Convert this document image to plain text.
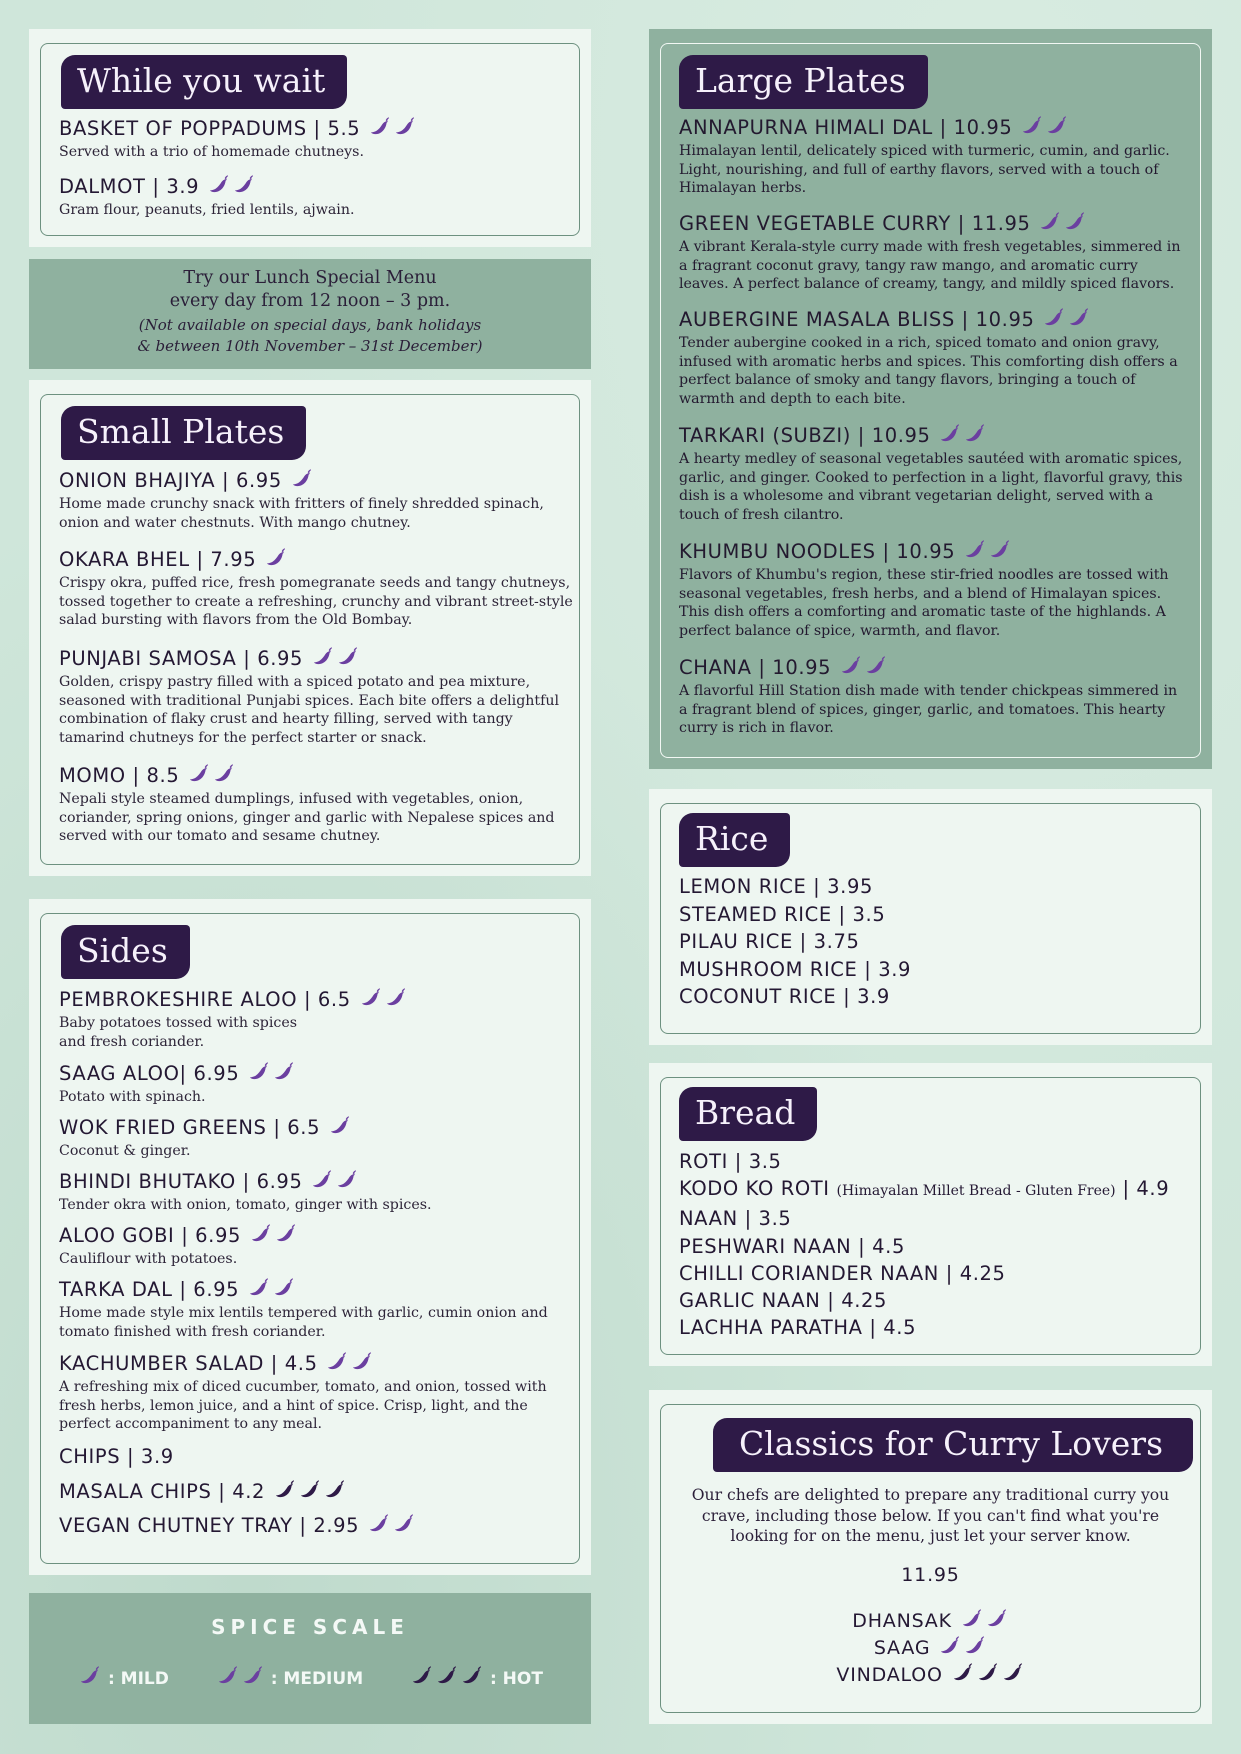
While you wait
BASKET OF POPPADUMS | 5.5
Served with a trio of homemade chutneys.
DALMOT | 3.9
Gram flour, peanuts, fried lentils, ajwain.
Try our Lunch Special Menu
every day from 12 noon – 3 pm.
(Not available on special days, bank holidays
& between 10th November – 31st December)
Small Plates
ONION BHAJIYA | 6.95
Home made crunchy snack with fritters of finely shredded spinach, onion and water chestnuts. With mango chutney.
OKARA BHEL | 7.95
Crispy okra, puffed rice, fresh pomegranate seeds and tangy chutneys, tossed together to create a refreshing, crunchy and vibrant street-style salad bursting with flavors from the Old Bombay.
PUNJABI SAMOSA | 6.95
Golden, crispy pastry filled with a spiced potato and pea mixture, seasoned with traditional Punjabi spices. Each bite offers a delightful combination of flaky crust and hearty filling, served with tangy tamarind chutneys for the perfect starter or snack.
MOMO | 8.5
Nepali style steamed dumplings, infused with vegetables, onion, coriander, spring onions, ginger and garlic with Nepalese spices and served with our tomato and sesame chutney.
Sides
PEMBROKESHIRE ALOO | 6.5
Baby potatoes tossed with spices
and fresh coriander.
SAAG ALOO| 6.95
Potato with spinach.
WOK FRIED GREENS | 6.5
Coconut & ginger.
BHINDI BHUTAKO | 6.95
Tender okra with onion, tomato, ginger with spices.
ALOO GOBI | 6.95
Cauliflour with potatoes.
TARKA DAL | 6.95
Home made style mix lentils tempered with garlic, cumin onion and tomato finished with fresh coriander.
KACHUMBER SALAD | 4.5
A refreshing mix of diced cucumber, tomato, and onion, tossed with fresh herbs, lemon juice, and a hint of spice. Crisp, light, and the perfect accompaniment to any meal.
CHIPS | 3.9
MASALA CHIPS | 4.2
VEGAN CHUTNEY TRAY | 2.95
SPICE SCALE
: MILD	: MEDIUM	: HOT
Large Plates
ANNAPURNA HIMALI DAL | 10.95
Himalayan lentil, delicately spiced with turmeric, cumin, and garlic. Light, nourishing, and full of earthy flavors, served with a touch of Himalayan herbs.
GREEN VEGETABLE CURRY | 11.95
A vibrant Kerala-style curry made with fresh vegetables, simmered in a fragrant coconut gravy, tangy raw mango, and aromatic curry leaves. A perfect balance of creamy, tangy, and mildly spiced flavors.
AUBERGINE MASALA BLISS | 10.95
Tender aubergine cooked in a rich, spiced tomato and onion gravy, infused with aromatic herbs and spices. This comforting dish offers a perfect balance of smoky and tangy flavors, bringing a touch of warmth and depth to each bite.
TARKARI (SUBZI) | 10.95
A hearty medley of seasonal vegetables sautéed with aromatic spices, garlic, and ginger. Cooked to perfection in a light, flavorful gravy, this dish is a wholesome and vibrant vegetarian delight, served with a touch of fresh cilantro.
KHUMBU NOODLES | 10.95
Flavors of Khumbu's region, these stir-fried noodles are tossed with seasonal vegetables, fresh herbs, and a blend of Himalayan spices. This dish offers a comforting and aromatic taste of the highlands. A perfect balance of spice, warmth, and flavor.
CHANA | 10.95
A flavorful Hill Station dish made with tender chickpeas simmered in a fragrant blend of spices, ginger, garlic, and tomatoes. This hearty curry is rich in flavor.
Rice
LEMON RICE | 3.95
STEAMED RICE | 3.5
PILAU RICE | 3.75
MUSHROOM RICE | 3.9
COCONUT RICE | 3.9
Bread
ROTI | 3.5
KODO KO ROTI (Himayalan Millet Bread - Gluten Free) | 4.9
NAAN | 3.5
PESHWARI NAAN | 4.5
CHILLI CORIANDER NAAN | 4.25
GARLIC NAAN | 4.25
LACHHA PARATHA | 4.5
Classics for Curry Lovers
Our chefs are delighted to prepare any traditional curry you crave, including those below. If you can't find what you're looking for on the menu, just let your server know.
11.95
DHANSAK
SAAG
VINDALOO
